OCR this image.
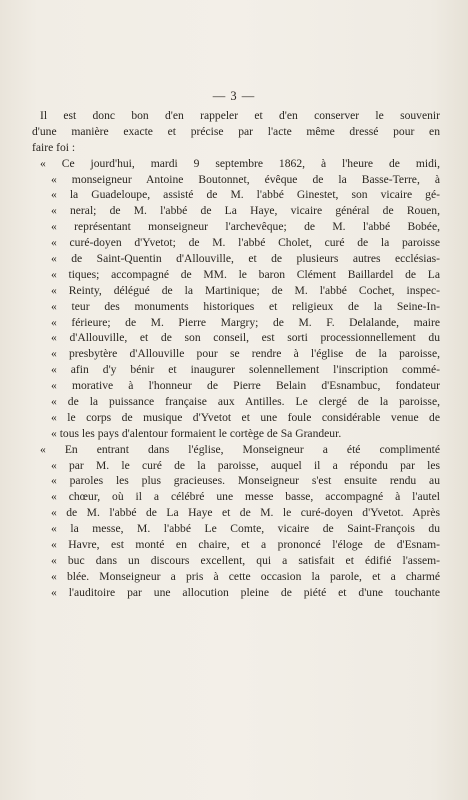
— 3 —
Il est donc bon d'en rappeler et d'en conserver le souvenir
d'une manière exacte et précise par l'acte même dressé pour en
faire foi :
« Ce jourd'hui, mardi 9 septembre 1862, à l'heure de midi,
« monseigneur Antoine Boutonnet, évêque de la Basse-Terre, à
« la Guadeloupe, assisté de M. l'abbé Ginestet, son vicaire gé-
« neral; de M. l'abbé de La Haye, vicaire général de Rouen,
« représentant monseigneur l'archevêque; de M. l'abbé Bobée,
« curé-doyen d'Yvetot; de M. l'abbé Cholet, curé de la paroisse
« de Saint-Quentin d'Allouville, et de plusieurs autres ecclésias-
« tiques; accompagné de MM. le baron Clément Baillardel de La
« Reinty, délégué de la Martinique; de M. l'abbé Cochet, inspec-
« teur des monuments historiques et religieux de la Seine-In-
« férieure; de M. Pierre Margry; de M. F. Delalande, maire
« d'Allouville, et de son conseil, est sorti processionnellement du
« presbytère d'Allouville pour se rendre à l'église de la paroisse,
« afin d'y bénir et inaugurer solennellement l'inscription commé-
« morative à l'honneur de Pierre Belain d'Esnambuc, fondateur
« de la puissance française aux Antilles. Le clergé de la paroisse,
« le corps de musique d'Yvetot et une foule considérable venue de
« tous les pays d'alentour formaient le cortège de Sa Grandeur.
« En entrant dans l'église, Monseigneur a été complimenté
« par M. le curé de la paroisse, auquel il a répondu par les
« paroles les plus gracieuses. Monseigneur s'est ensuite rendu au
« chœur, où il a célébré une messe basse, accompagné à l'autel
« de M. l'abbé de La Haye et de M. le curé-doyen d'Yvetot. Après
« la messe, M. l'abbé Le Comte, vicaire de Saint-François du
« Havre, est monté en chaire, et a prononcé l'éloge de d'Esnam-
« buc dans un discours excellent, qui a satisfait et édifié l'assem-
« blée. Monseigneur a pris à cette occasion la parole, et a charmé
« l'auditoire par une allocution pleine de piété et d'une touchante
